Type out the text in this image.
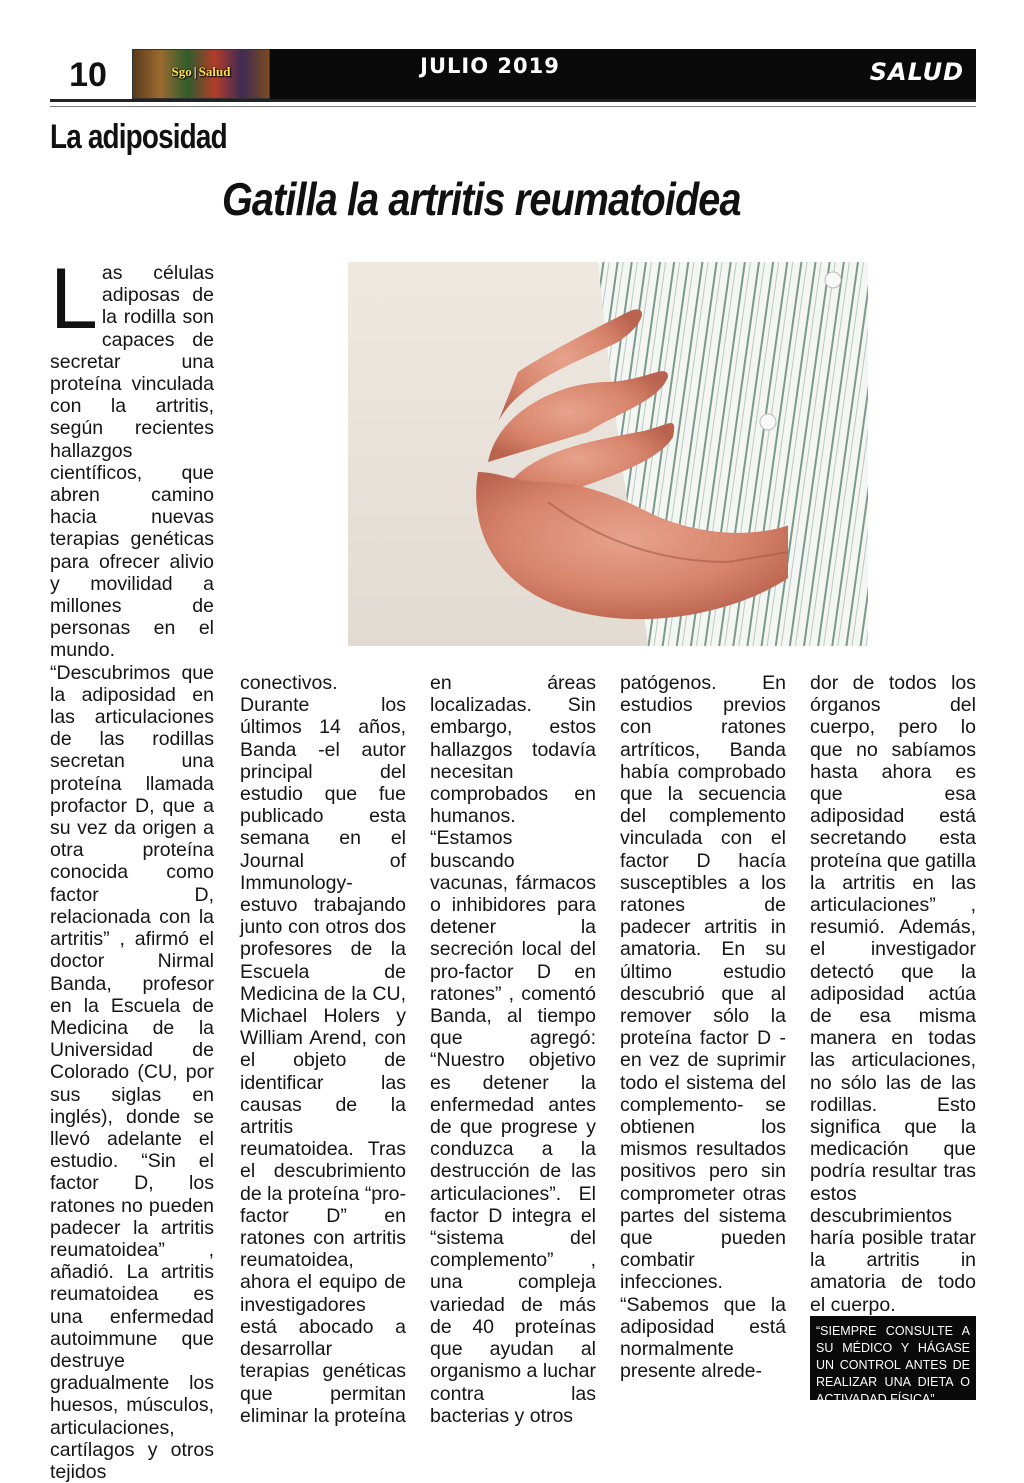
10	Sgo | Salud	JULIO 2019	SALUD
La adiposidad
Gatilla la artritis reumatoidea
Las células adiposas de la rodilla son capaces de secretar una proteína vinculada con la artritis, según recientes hallazgos científicos, que abren camino hacia nuevas terapias genéticas para ofrecer alivio y movilidad a millones de personas en el mundo. “Descubrimos que la adiposidad en las articulaciones de las rodillas secretan una proteína llamada profactor D, que a su vez da origen a otra proteína conocida como factor D, relacionada con la artritis” , afirmó el doctor Nirmal Banda, profesor en la Escuela de Medicina de la Universidad de Colorado (CU, por sus siglas en inglés), donde se llevó adelante el estudio. “Sin el factor D, los ratones no pueden padecer la artritis reumatoidea” , añadió. La artritis reumatoidea es una enfermedad autoimmune que destruye gradualmente los huesos, músculos, articulaciones, cartílagos y otros tejidos
conectivos. Durante los últimos 14 años, Banda -el autor principal del estudio que fue publicado esta semana en el Journal of Immunology- estuvo trabajando junto con otros dos profesores de la Escuela de Medicina de la CU, Michael Holers y William Arend, con el objeto de identificar las causas de la artritis reumatoidea. Tras el descubrimiento de la proteína “pro-factor D” en ratones con artritis reumatoidea, ahora el equipo de investigadores está abocado a desarrollar terapias genéticas que permitan eliminar la proteína
en áreas localizadas. Sin embargo, estos hallazgos todavía necesitan comprobados en humanos. “Estamos buscando vacunas, fármacos o inhibidores para detener la secreción local del pro-factor D en ratones” , comentó Banda, al tiempo que agregó: “Nuestro objetivo es detener la enfermedad antes de que progrese y conduzca a la destrucción de las articulaciones”. El factor D integra el “sistema del complemento” , una compleja variedad de más de 40 proteínas que ayudan al organismo a luchar contra las bacterias y otros
patógenos. En estudios previos con ratones artríticos, Banda había comprobado que la secuencia del complemento vinculada con el factor D hacía susceptibles a los ratones de padecer artritis in amatoria. En su último estudio descubrió que al remover sólo la proteína factor D -en vez de suprimir todo el sistema del complemento- se obtienen los mismos resultados positivos pero sin comprometer otras partes del sistema que pueden combatir infecciones. “Sabemos que la adiposidad está normalmente presente alrede-
dor de todos los órganos del cuerpo, pero lo que no sabíamos hasta ahora es que esa adiposidad está secretando esta proteína que gatilla la artritis en las articulaciones” , resumió. Además, el investigador detectó que la adiposidad actúa de esa misma manera en todas las articulaciones, no sólo las de las rodillas. Esto significa que la medicación que podría resultar tras estos descubrimientos haría posible tratar la artritis in amatoria de todo el cuerpo.
“SIEMPRE CONSULTE A SU MÉDICO Y HÁGASE UN CONTROL ANTES DE REALIZAR UNA DIETA O ACTIVADAD FÍSICA”
